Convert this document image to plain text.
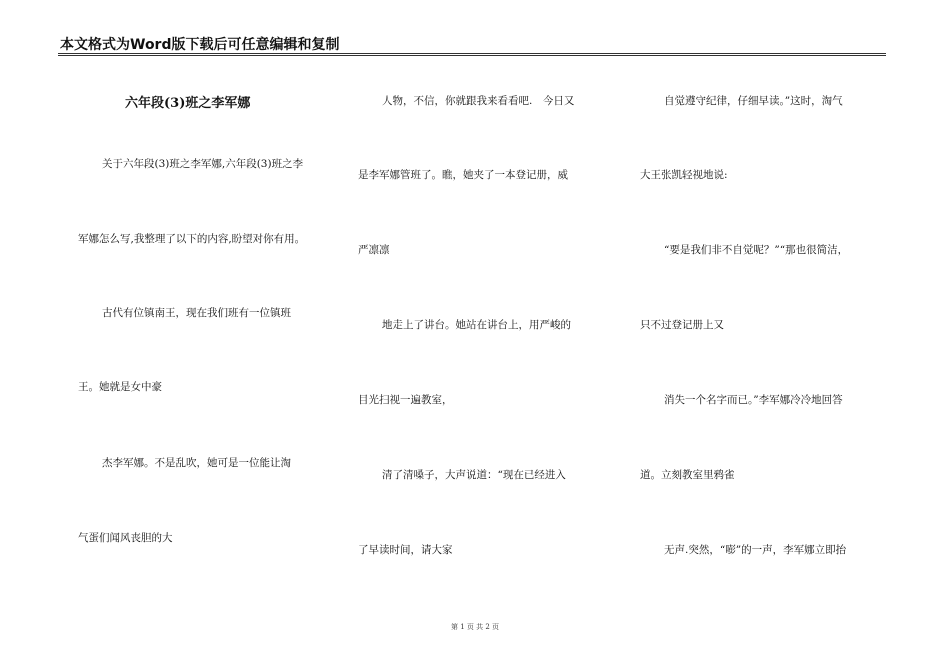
本文格式为Word版下载后可任意编辑和复制
六年段(3)班之李军娜
关于六年段(3)班之李军娜,六年段(3)班之李
军娜怎么写,我整理了以下的内容,盼望对你有用。
古代有位镇南王，现在我们班有一位镇班
王。她就是女中豪
杰李军娜。不是乱吹，她可是一位能让淘
气蛋们闻风丧胆的大
人物，不信，你就跟我来看看吧.　今日又
是李军娜管班了。瞧，她夹了一本登记册，威
严凛凛
地走上了讲台。她站在讲台上，用严峻的
目光扫视一遍教室，
清了清嗓子，大声说道：“现在已经进入
了早读时间，请大家
自觉遵守纪律，仔细早读。”这时，淘气
大王张凯轻视地说:
“要是我们非不自觉呢？”“那也很简洁，
只不过登记册上又
消失一个名字而已。”李军娜冷冷地回答
道。立刻教室里鸦雀
无声.突然，“嘭”的一声，李军娜立即抬
第 1 页 共 2 页
